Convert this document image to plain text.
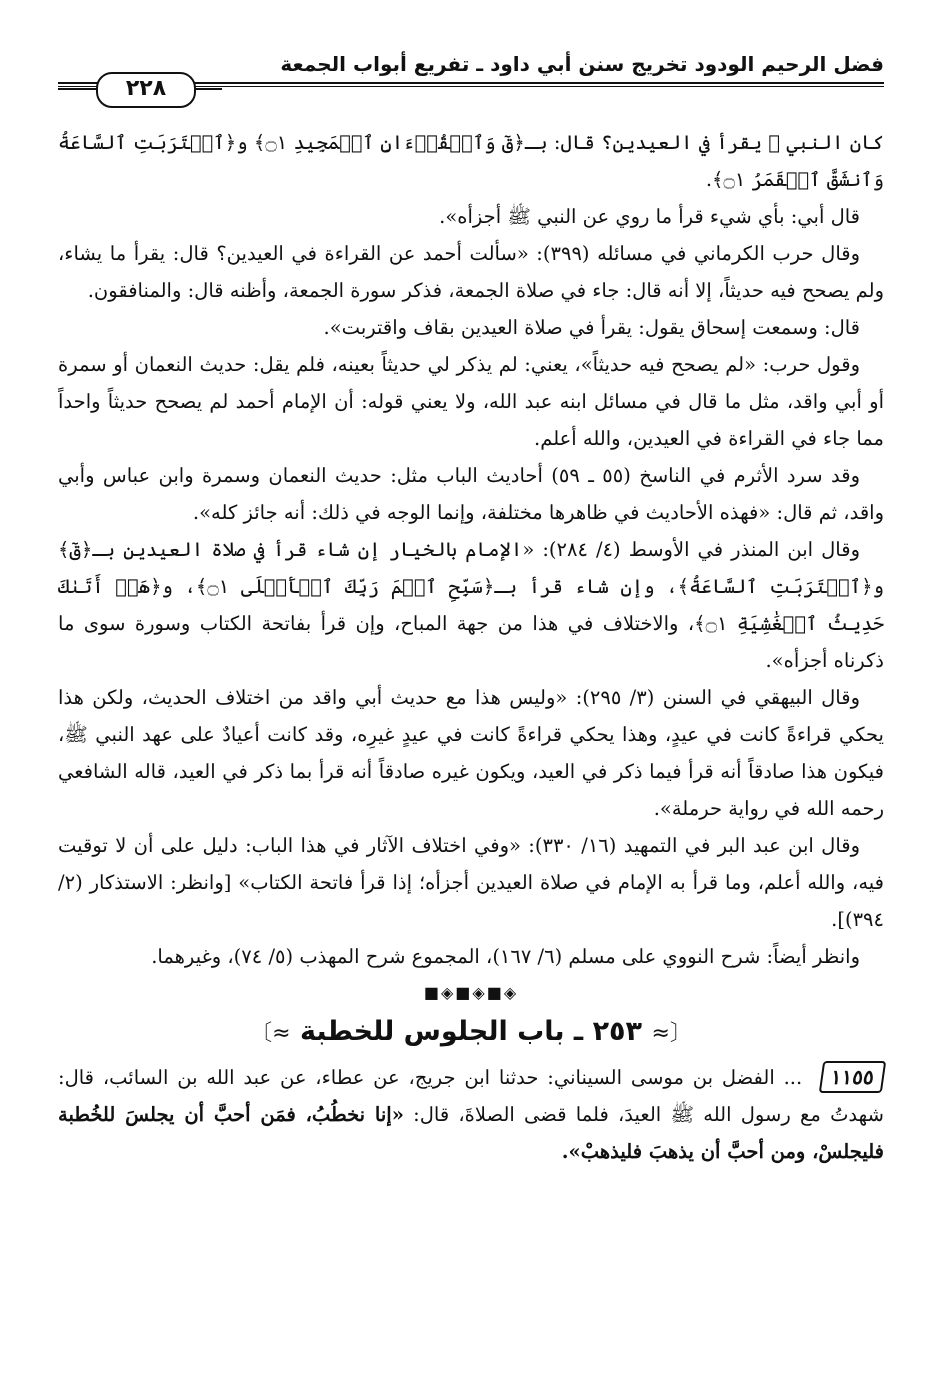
فضل الرحيم الودود تخريج سنن أبي داود ـ تفريع أبواب الجمعة
٢٢٨

كان النبي ﷺ يقرأ في العيدين؟ قال: بـ﴿قٓ وَٱلۡقُرۡءَانِ ٱلۡمَجِيدِ ۝١﴾ و﴿ٱقۡتَرَبَتِ ٱلسَّاعَةُ وَٱنشَقَّ ٱلۡقَمَرُ ۝١﴾.

قال أبي: بأي شيء قرأ ما روي عن النبي ﷺ أجزأه».

وقال حرب الكرماني في مسائله (٣٩٩): «سألت أحمد عن القراءة في العيدين؟ قال: يقرأ ما يشاء، ولم يصحح فيه حديثاً، إلا أنه قال: جاء في صلاة الجمعة، فذكر سورة الجمعة، وأظنه قال: والمنافقون.

قال: وسمعت إسحاق يقول: يقرأ في صلاة العيدين بقاف واقتربت».

وقول حرب: «لم يصحح فيه حديثاً»، يعني: لم يذكر لي حديثاً بعينه، فلم يقل: حديث النعمان أو سمرة أو أبي واقد، مثل ما قال في مسائل ابنه عبد الله، ولا يعني قوله: أن الإمام أحمد لم يصحح حديثاً واحداً مما جاء في القراءة في العيدين، والله أعلم.

وقد سرد الأثرم في الناسخ (٥٥ ـ ٥٩) أحاديث الباب مثل: حديث النعمان وسمرة وابن عباس وأبي واقد، ثم قال: «فهذه الأحاديث في ظاهرها مختلفة، وإنما الوجه في ذلك: أنه جائز كله».

وقال ابن المنذر في الأوسط (٤/ ٢٨٤): «الإمام بالخيار إن شاء قرأ في صلاة العيدين بـ﴿قٓ﴾ و﴿ٱقۡتَرَبَتِ ٱلسَّاعَةُ﴾، وإن شاء قرأ بـ﴿سَبِّحِ ٱسۡمَ رَبِّكَ ٱلۡأَعۡلَى ۝١﴾، و﴿هَلۡ أَتَىٰكَ حَدِيثُ ٱلۡغَٰشِيَةِ ۝١﴾، والاختلاف في هذا من جهة المباح، وإن قرأ بفاتحة الكتاب وسورة سوى ما ذكرناه أجزأه».

وقال البيهقي في السنن (٣/ ٢٩٥): «وليس هذا مع حديث أبي واقد من اختلاف الحديث، ولكن هذا يحكي قراءةً كانت في عيدٍ، وهذا يحكي قراءةً كانت في عيدٍ غيرِه، وقد كانت أعيادٌ على عهد النبي ﷺ، فيكون هذا صادقاً أنه قرأ فيما ذكر في العيد، ويكون غيره صادقاً أنه قرأ بما ذكر في العيد، قاله الشافعي رحمه الله في رواية حرملة».

وقال ابن عبد البر في التمهيد (١٦/ ٣٣٠): «وفي اختلاف الآثار في هذا الباب: دليل على أن لا توقيت فيه، والله أعلم، وما قرأ به الإمام في صلاة العيدين أجزأه؛ إذا قرأ فاتحة الكتاب» [وانظر: الاستذكار (٢/ ٣٩٤)].

وانظر أيضاً: شرح النووي على مسلم (٦/ ١٦٧)، المجموع شرح المهذب (٥/ ٧٤)، وغيرهما.

◈■◈■◈■
〔≈ ٢٥٣ ـ باب الجلوس للخطبة ≈〕

١١٥٥ ... الفضل بن موسى السيناني: حدثنا ابن جريج، عن عطاء، عن عبد الله بن السائب، قال: شهدتُ مع رسول الله ﷺ العيدَ، فلما قضى الصلاةَ، قال: «إنا نخطُبُ، فمَن أحبَّ أن يجلسَ للخُطبة فليجلسْ، ومن أحبَّ أن يذهبَ فليذهبْ».
